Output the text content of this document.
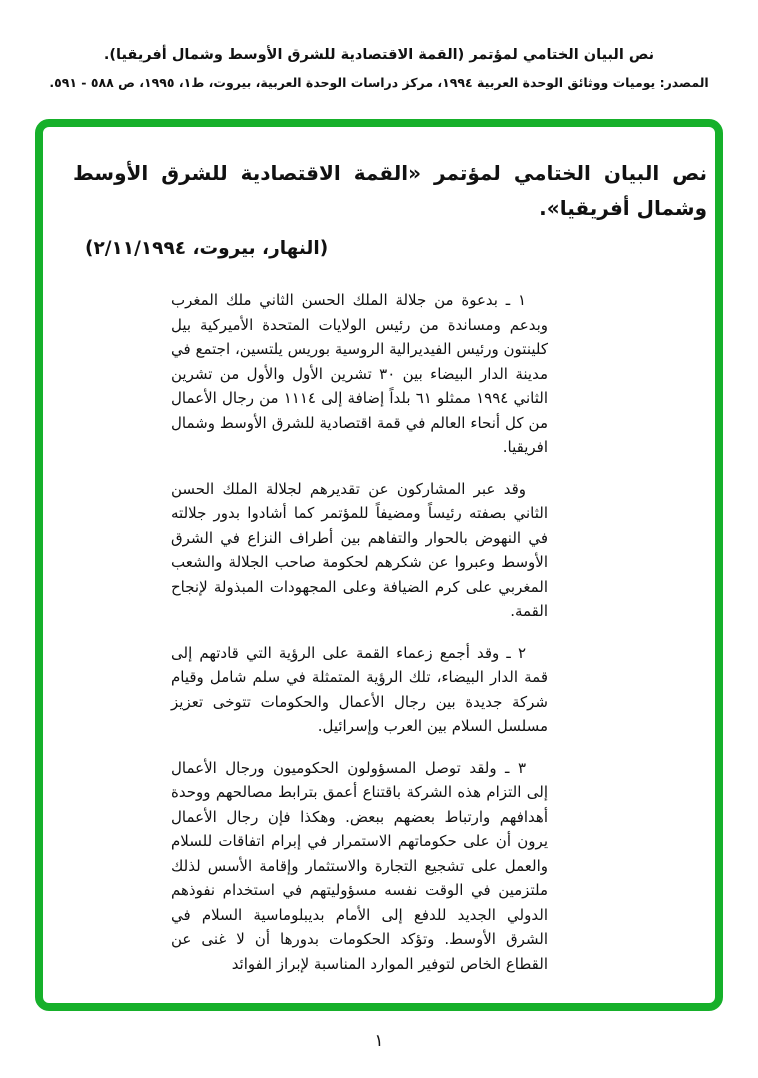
نص البيان الختامي لمؤتمر (القمة الاقتصادية للشرق الأوسط وشمال أفريقيا).
المصدر: يوميات ووثائق الوحدة العربية ١٩٩٤، مركز دراسات الوحدة العربية، بيروت، ط١، ١٩٩٥، ص ٥٨٨ - ٥٩١.
نص البيان الختامي لمؤتمر «القمة الاقتصادية للشرق الأوسط وشمال أفريقيا».
(النهار، بيروت، ٢/١١/١٩٩٤)

١ ـ بدعوة من جلالة الملك الحسن الثاني ملك المغرب وبدعم ومساندة من رئيس الولايات المتحدة الأميركية بيل كلينتون ورئيس الفيديرالية الروسية بوريس يلتسين، اجتمع في مدينة الدار البيضاء بين ٣٠ تشرين الأول والأول من تشرين الثاني ١٩٩٤ ممثلو ٦١ بلداً إضافة إلى ١١١٤ من رجال الأعمال من كل أنحاء العالم في قمة اقتصادية للشرق الأوسط وشمال افريقيا.

وقد عبر المشاركون عن تقديرهم لجلالة الملك الحسن الثاني بصفته رئيساً ومضيفاً للمؤتمر كما أشادوا بدور جلالته في النهوض بالحوار والتفاهم بين أطراف النزاع في الشرق الأوسط وعبروا عن شكرهم لحكومة صاحب الجلالة والشعب المغربي على كرم الضيافة وعلى المجهودات المبذولة لإنجاح القمة.

٢ ـ وقد أجمع زعماء القمة على الرؤية التي قادتهم إلى قمة الدار البيضاء، تلك الرؤية المتمثلة في سلم شامل وقيام شركة جديدة بين رجال الأعمال والحكومات تتوخى تعزيز مسلسل السلام بين العرب وإسرائيل.

٣ ـ ولقد توصل المسؤولون الحكوميون ورجال الأعمال إلى التزام هذه الشركة باقتناع أعمق بترابط مصالحهم ووحدة أهدافهم وارتباط بعضهم ببعض. وهكذا فإن رجال الأعمال يرون أن على حكوماتهم الاستمرار في إبرام اتفاقات للسلام والعمل على تشجيع التجارة والاستثمار وإقامة الأسس لذلك ملتزمين في الوقت نفسه مسؤوليتهم في استخدام نفوذهم الدولي الجديد للدفع إلى الأمام بديبلوماسية السلام في الشرق الأوسط. وتؤكد الحكومات بدورها أن لا غنى عن القطاع الخاص لتوفير الموارد المناسبة لإبراز الفوائد

١
